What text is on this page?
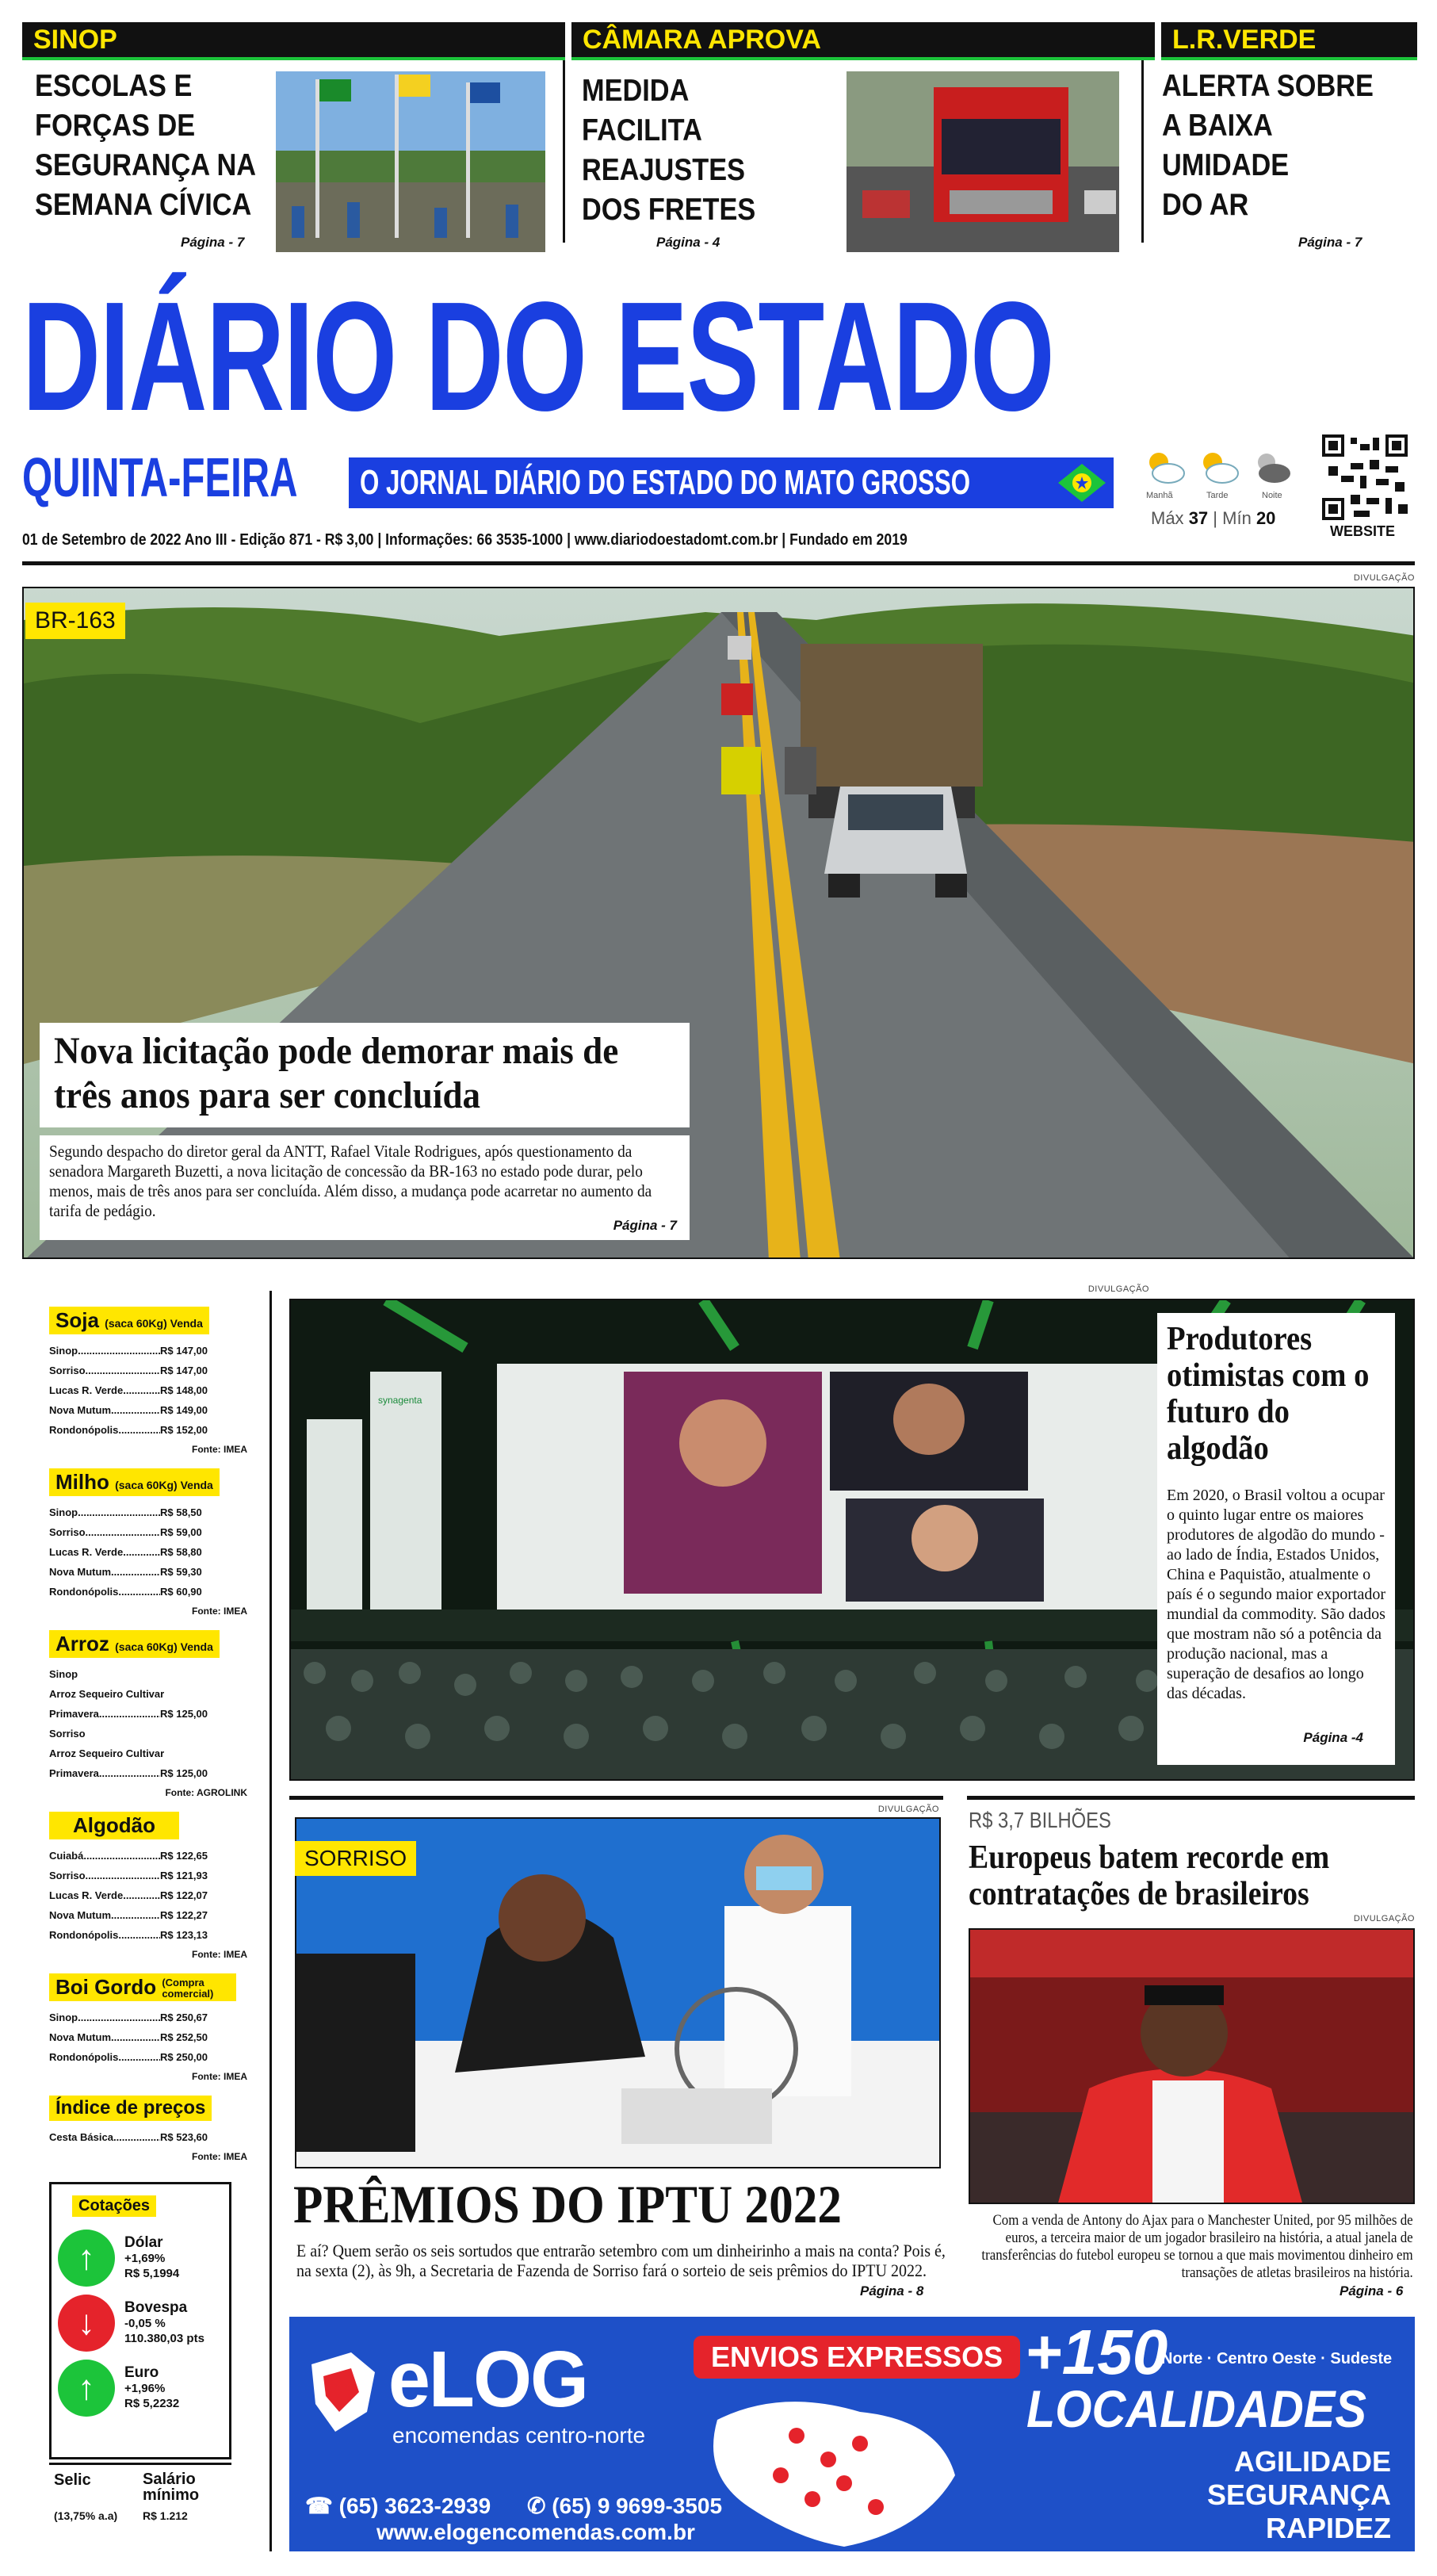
SINOP
ESCOLAS E
FORÇAS DE
SEGURANÇA NA
SEMANA CÍVICA
Página - 7
CÂMARA APROVA
MEDIDA
FACILITA
REAJUSTES
DOS FRETES
Página - 4
L.R.VERDE
ALERTA SOBRE
A BAIXA
UMIDADE
DO AR
Página - 7
DIÁRIO DO ESTADO
QUINTA-FEIRA O JORNAL DIÁRIO DO ESTADO DO MATO GROSSO
01 de Setembro de 2022 Ano III - Edição 871 - R$ 3,00 | Informações: 66 3535-1000 | www.diariodoestadomt.com.br | Fundado em 2019
Manhã	Tarde	Noite
Máx 37 | Mín 20
WEBSITE
DIVULGAÇÃO
BR-163
Nova licitação pode demorar mais de três anos para ser concluída
Segundo despacho do diretor geral da ANTT, Rafael Vitale Rodrigues, após questionamento da senadora Margareth Buzetti, a nova licitação de concessão da BR-163 no estado pode durar, pelo menos, mais de três anos para ser concluída. Além disso, a mudança pode acarretar no aumento da tarifa de pedágio.
Página - 7
Soja (saca 60Kg) Venda
Sinop .....	R$ 147,00
Sorriso .....	R$ 147,00
Lucas R. Verde .....	R$ 148,00
Nova Mutum .....	R$ 149,00
Rondonópolis .....	R$ 152,00
Fonte: IMEA
Milho (saca 60Kg) Venda
Sinop .....	R$ 58,50
Sorriso .....	R$ 59,00
Lucas R. Verde .....	R$ 58,80
Nova Mutum .....	R$ 59,30
Rondonópolis .....	R$ 60,90
Fonte: IMEA
Arroz (saca 60Kg) Venda
Sinop
Arroz Sequeiro Cultivar
Primavera .....	R$ 125,00
Sorriso
Arroz Sequeiro Cultivar
Primavera .....	R$ 125,00
Fonte: AGROLINK
Algodão
Cuiabá .....	R$ 122,65
Sorriso .....	R$ 121,93
Lucas R. Verde .....	R$ 122,07
Nova Mutum .....	R$ 122,27
Rondonópolis .....	R$ 123,13
Fonte: IMEA
Boi Gordo (Compra comercial)
Sinop .....	R$ 250,67
Nova Mutum .....	R$ 252,50
Rondonópolis .....	R$ 250,00
Fonte: IMEA
Índice de preços
Cesta Básica .....	R$ 523,60
Fonte: IMEA
Cotações
↑	Dólar
+1,69%
R$ 5,1994
↓	Bovespa
-0,05 %
110.380,03 pts
↑	Euro
+1,96%
R$ 5,2232
Selic
(13,75% a.a)
Salário mínimo
R$ 1.212
DIVULGAÇÃO
synagenta
Produtores otimistas com o futuro do algodão
Em 2020, o Brasil voltou a ocupar o quinto lugar entre os maiores produtores de algodão do mundo - ao lado de Índia, Estados Unidos, China e Paquistão, atualmente o país é o segundo maior exportador mundial da commodity. São dados que mostram não só a potência da produção nacional, mas a superação de desafios ao longo das décadas.
Página -4
DIVULGAÇÃO
SORRISO
PRÊMIOS DO IPTU 2022
E aí? Quem serão os seis sortudos que entrarão setembro com um dinheirinho a mais na conta? Pois é, na sexta (2), às 9h, a Secretaria de Fazenda de Sorriso fará o sorteio de seis prêmios do IPTU 2022.
Página - 8
R$ 3,7 BILHÕES
Europeus batem recorde em contratações de brasileiros
DIVULGAÇÃO
Com a venda de Antony do Ajax para o Manchester United, por 95 milhões de euros, a terceira maior de um jogador brasileiro na história, a atual janela de transferências do futebol europeu se tornou a que mais movimentou dinheiro em transações de atletas brasileiros na história.
Página - 6
eLOG
encomendas centro-norte
ENVIOS EXPRESSOS
☎ (65) 3623-2939 ✆ (65) 9 9699-3505
www.elogencomendas.com.br
+150
Norte · Centro Oeste · Sudeste
LOCALIDADES
AGILIDADE
SEGURANÇA
RAPIDEZ
